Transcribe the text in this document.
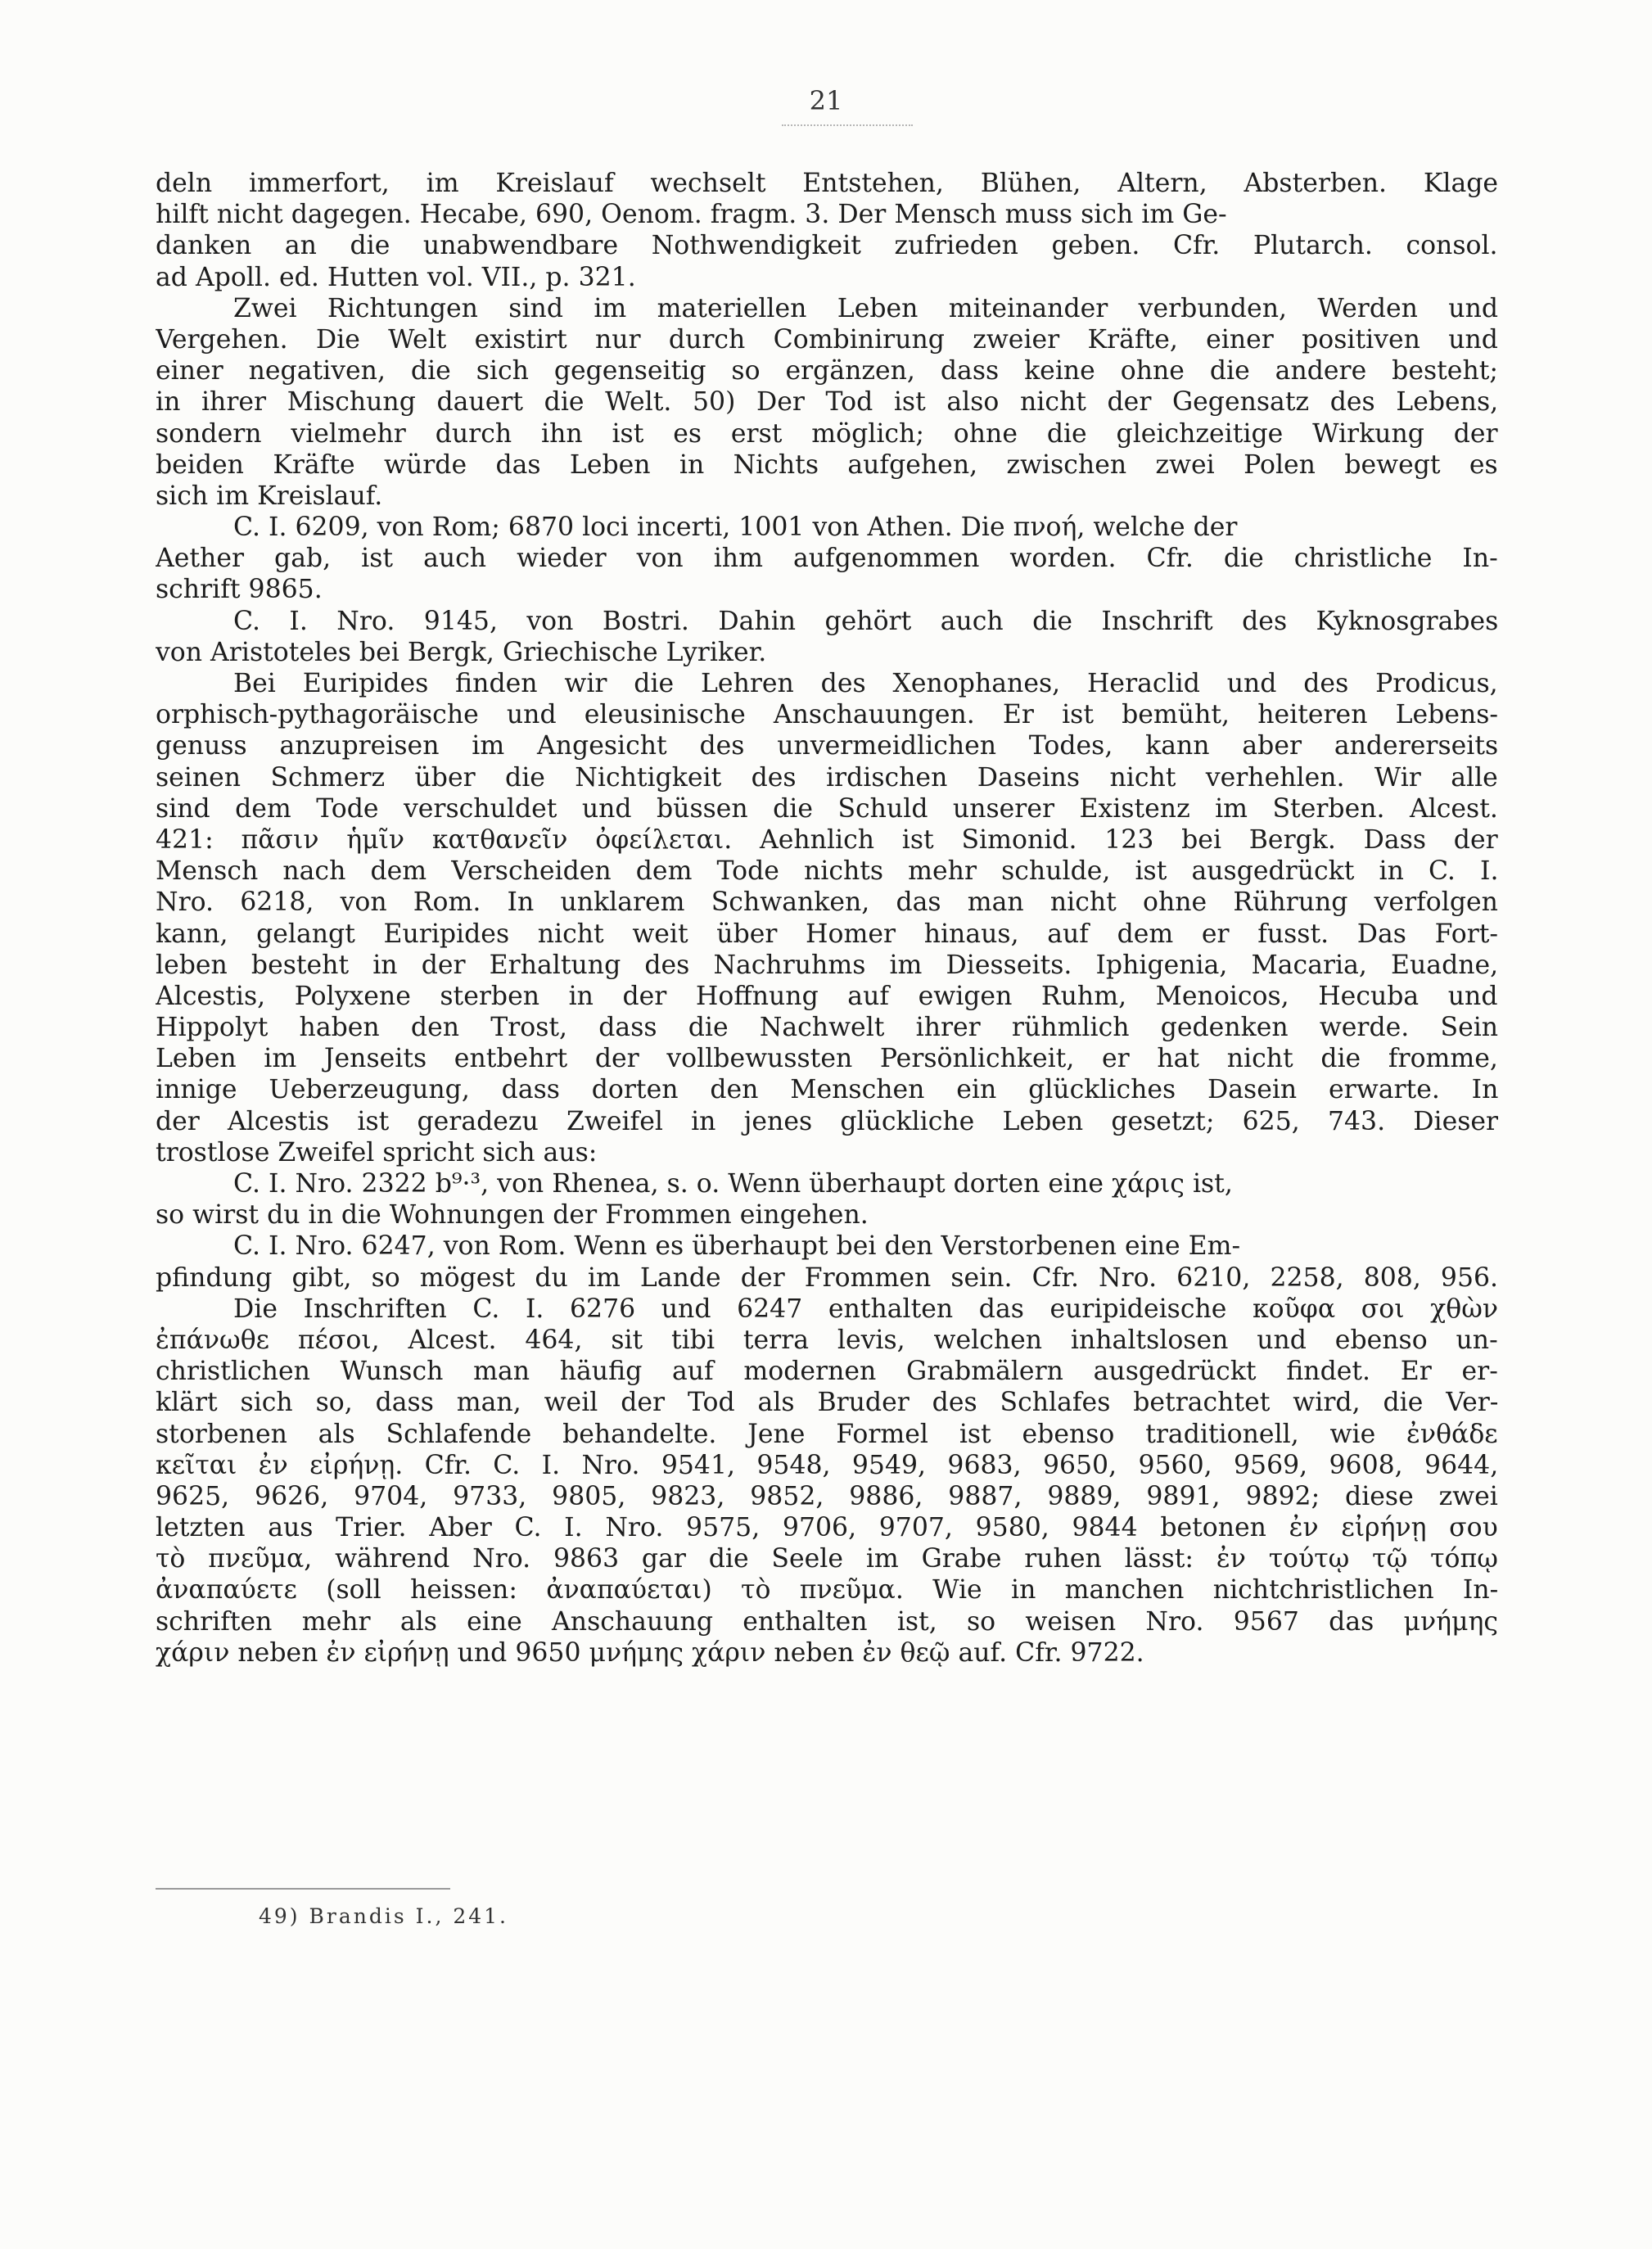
21
deln immerfort, im Kreislauf wechselt Entstehen, Blühen, Altern, Absterben. Klage
hilft nicht dagegen. Hecabe, 690, Oenom. fragm. 3. Der Mensch muss sich im Ge-
danken an die unabwendbare Nothwendigkeit zufrieden geben. Cfr. Plutarch. consol.
ad Apoll. ed. Hutten vol. VII., p. 321.
Zwei Richtungen sind im materiellen Leben miteinander verbunden, Werden und
Vergehen. Die Welt existirt nur durch Combinirung zweier Kräfte, einer positiven und
einer negativen, die sich gegenseitig so ergänzen, dass keine ohne die andere besteht;
in ihrer Mischung dauert die Welt. 50) Der Tod ist also nicht der Gegensatz des Lebens,
sondern vielmehr durch ihn ist es erst möglich; ohne die gleichzeitige Wirkung der
beiden Kräfte würde das Leben in Nichts aufgehen, zwischen zwei Polen bewegt es
sich im Kreislauf.
C. I. 6209, von Rom; 6870 loci incerti, 1001 von Athen. Die πνοή, welche der
Aether gab, ist auch wieder von ihm aufgenommen worden. Cfr. die christliche In-
schrift 9865.
C. I. Nro. 9145, von Bostri. Dahin gehört auch die Inschrift des Kyknosgrabes
von Aristoteles bei Bergk, Griechische Lyriker.
Bei Euripides finden wir die Lehren des Xenophanes, Heraclid und des Prodicus,
orphisch-pythagoräische und eleusinische Anschauungen. Er ist bemüht, heiteren Lebens-
genuss anzupreisen im Angesicht des unvermeidlichen Todes, kann aber andererseits
seinen Schmerz über die Nichtigkeit des irdischen Daseins nicht verhehlen. Wir alle
sind dem Tode verschuldet und büssen die Schuld unserer Existenz im Sterben. Alcest.
421: πᾶσιν ἡμῖν κατθανεῖν ὀφείλεται. Aehnlich ist Simonid. 123 bei Bergk. Dass der
Mensch nach dem Verscheiden dem Tode nichts mehr schulde, ist ausgedrückt in C. I.
Nro. 6218, von Rom. In unklarem Schwanken, das man nicht ohne Rührung verfolgen
kann, gelangt Euripides nicht weit über Homer hinaus, auf dem er fusst. Das Fort-
leben besteht in der Erhaltung des Nachruhms im Diesseits. Iphigenia, Macaria, Euadne,
Alcestis, Polyxene sterben in der Hoffnung auf ewigen Ruhm, Menoicos, Hecuba und
Hippolyt haben den Trost, dass die Nachwelt ihrer rühmlich gedenken werde. Sein
Leben im Jenseits entbehrt der vollbewussten Persönlichkeit, er hat nicht die fromme,
innige Ueberzeugung, dass dorten den Menschen ein glückliches Dasein erwarte. In
der Alcestis ist geradezu Zweifel in jenes glückliche Leben gesetzt; 625, 743. Dieser
trostlose Zweifel spricht sich aus:
C. I. Nro. 2322 b⁹·³, von Rhenea, s. o. Wenn überhaupt dorten eine χάρις ist,
so wirst du in die Wohnungen der Frommen eingehen.
C. I. Nro. 6247, von Rom. Wenn es überhaupt bei den Verstorbenen eine Em-
pfindung gibt, so mögest du im Lande der Frommen sein. Cfr. Nro. 6210, 2258, 808, 956.
Die Inschriften C. I. 6276 und 6247 enthalten das euripideische κοῦφα σοι χθὼν
ἐπάνωθε πέσοι, Alcest. 464, sit tibi terra levis, welchen inhaltslosen und ebenso un-
christlichen Wunsch man häufig auf modernen Grabmälern ausgedrückt findet. Er er-
klärt sich so, dass man, weil der Tod als Bruder des Schlafes betrachtet wird, die Ver-
storbenen als Schlafende behandelte. Jene Formel ist ebenso traditionell, wie ἐνθάδε
κεῖται ἐν εἰρήνῃ. Cfr. C. I. Nro. 9541, 9548, 9549, 9683, 9650, 9560, 9569, 9608, 9644,
9625, 9626, 9704, 9733, 9805, 9823, 9852, 9886, 9887, 9889, 9891, 9892; diese zwei
letzten aus Trier. Aber C. I. Nro. 9575, 9706, 9707, 9580, 9844 betonen ἐν εἰρήνῃ σου
τὸ πνεῦμα, während Nro. 9863 gar die Seele im Grabe ruhen lässt: ἐν τούτῳ τῷ τόπῳ
ἀναπαύετε (soll heissen: ἀναπαύεται) τὸ πνεῦμα. Wie in manchen nichtchristlichen In-
schriften mehr als eine Anschauung enthalten ist, so weisen Nro. 9567 das μνήμης
χάριν neben ἐν εἰρήνῃ und 9650 μνήμης χάριν neben ἐν θεῷ auf. Cfr. 9722.
49) Brandis I., 241.
